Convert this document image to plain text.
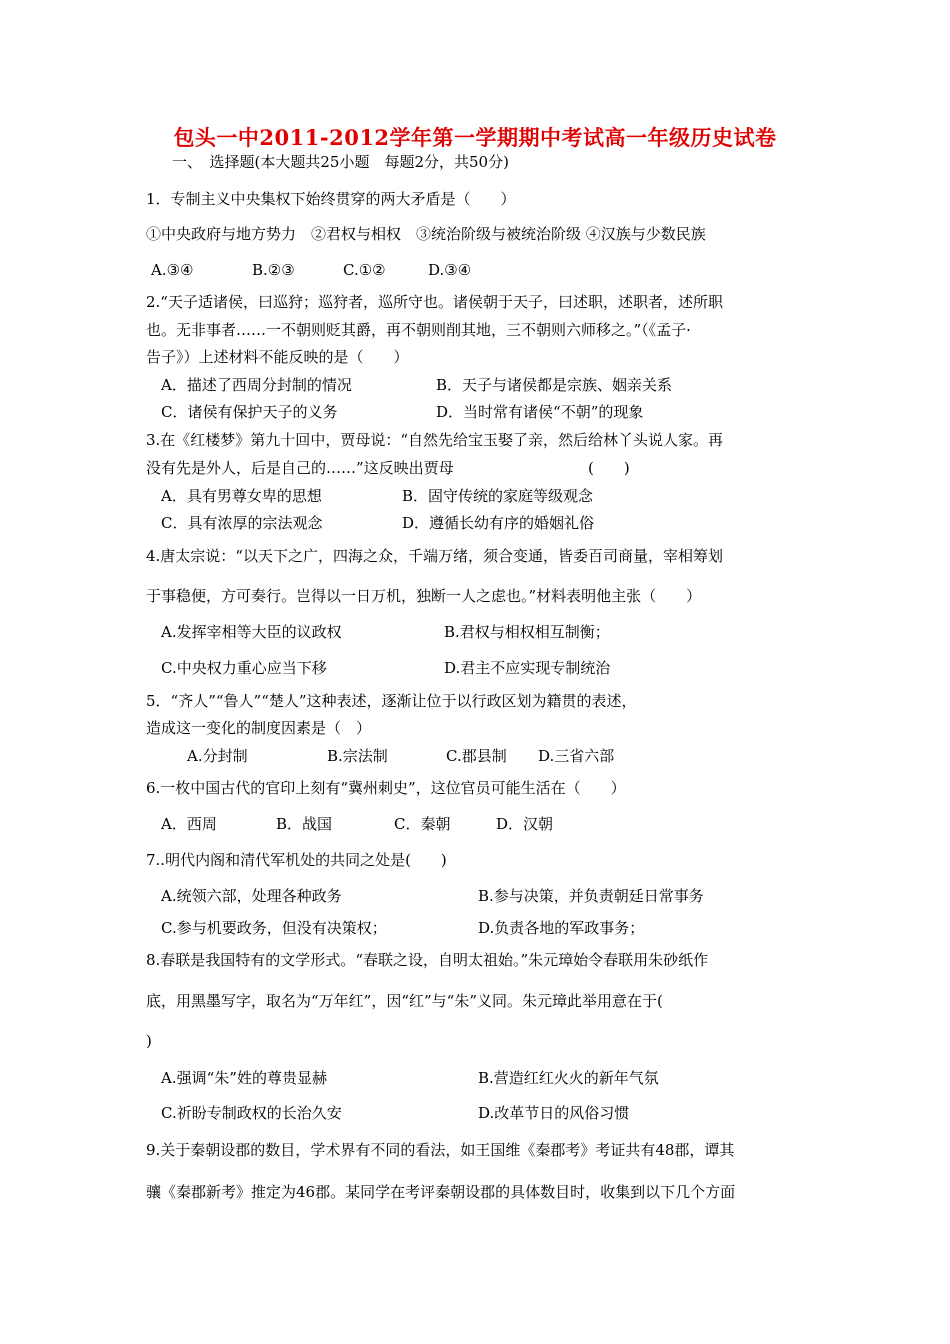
包头一中2011-2012学年第一学期期中考试高一年级历史试卷
一、　选择题(本大题共25小题　每题2分，共50分)
1．专制主义中央集权下始终贯穿的两大矛盾是（　　）
①中央政府与地方势力　②君权与相权　③统治阶级与被统治阶级 ④汉族与少数民族
A.③④	B.②③	C.①②	D.③④
2.“天子适诸侯，曰巡狩；巡狩者，巡所守也。诸侯朝于天子，曰述职，述职者，述所职
也。无非事者……一不朝则贬其爵，再不朝则削其地，三不朝则六师移之。”（《孟子·
告子》）上述材料不能反映的是（　　）
A．描述了西周分封制的情况	B．天子与诸侯都是宗族、姻亲关系
C．诸侯有保护天子的义务	D．当时常有诸侯“不朝”的现象
3.在《红楼梦》第九十回中，贾母说：“自然先给宝玉娶了亲，然后给林丫头说人家。再
没有先是外人，后是自己的……”这反映出贾母	(　　)
A．具有男尊女卑的思想	B．固守传统的家庭等级观念
C．具有浓厚的宗法观念	D．遵循长幼有序的婚姻礼俗
4.唐太宗说：“以天下之广，四海之众，千端万绪，须合变通，皆委百司商量，宰相筹划
于事稳便，方可奏行。岂得以一日万机，独断一人之虑也。”材料表明他主张（　　）
A.发挥宰相等大臣的议政权	B.君权与相权相互制衡；
C.中央权力重心应当下移	D.君主不应实现专制统治
5．“齐人”“鲁人”“楚人”这种表述，逐渐让位于以行政区划为籍贯的表述，
造成这一变化的制度因素是（　）
A.分封制	B.宗法制	C.郡县制 D.三省六部
6.一枚中国古代的官印上刻有“冀州刺史”，这位官员可能生活在（　　）
A．西周	B．战国	C．秦朝	D．汉朝
7..明代内阁和清代军机处的共同之处是(　　)
A.统领六部，处理各种政务	B.参与决策，并负责朝廷日常事务
C.参与机要政务，但没有决策权；	D.负责各地的军政事务；
8.春联是我国特有的文学形式。“春联之设，自明太祖始。”朱元璋始令春联用朱砂纸作
底，用黑墨写字，取名为“万年红”，因“红”与“朱”义同。朱元璋此举用意在于(
)
A.强调“朱”姓的尊贵显赫	B.营造红红火火的新年气氛
C.祈盼专制政权的长治久安	D.改革节日的风俗习惯
9.关于秦朝设郡的数目，学术界有不同的看法，如王国维《秦郡考》考证共有48郡，谭其
骧《秦郡新考》推定为46郡。某同学在考评秦朝设郡的具体数目时，收集到以下几个方面
